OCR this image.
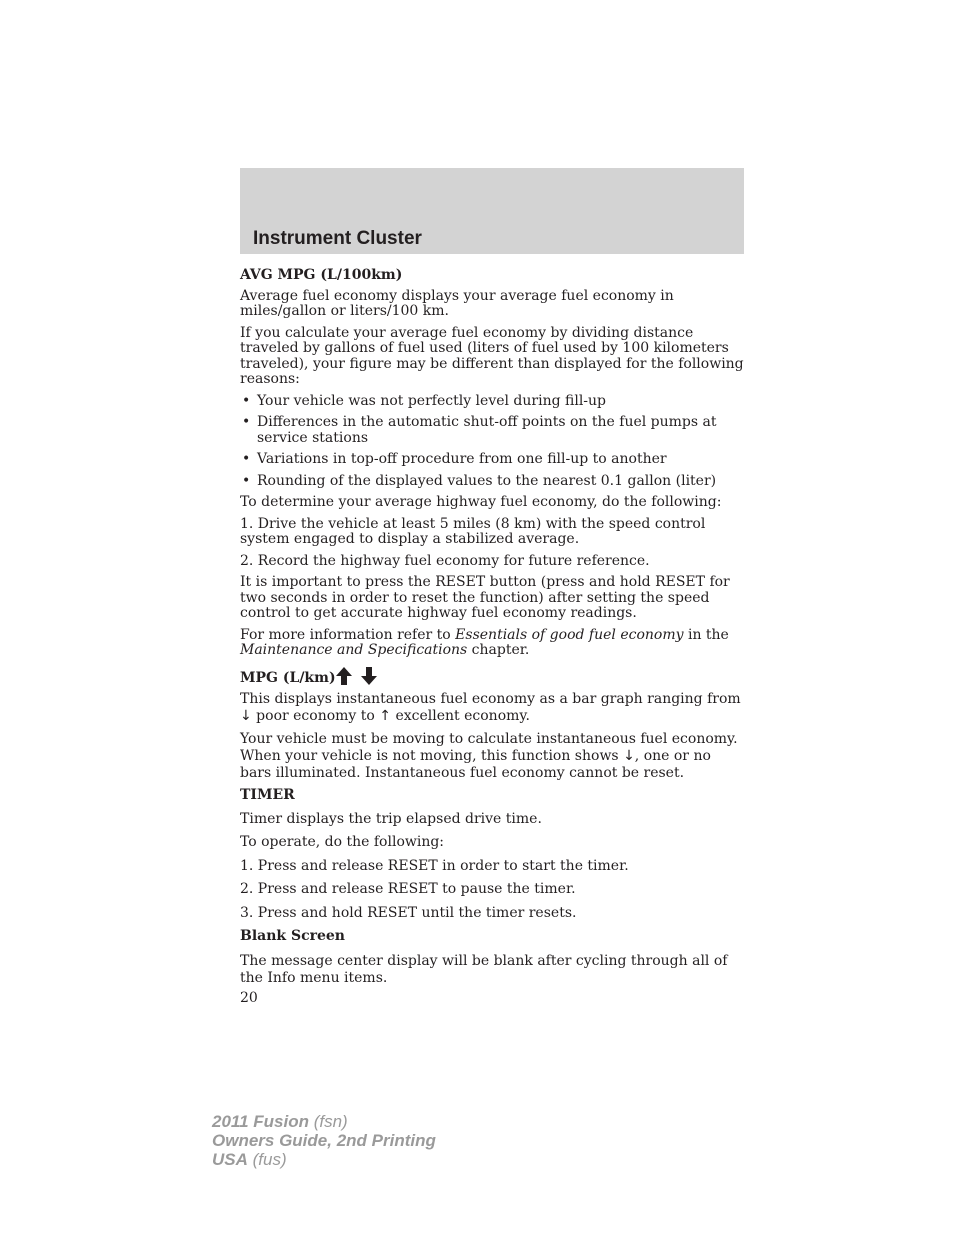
Instrument Cluster
AVG MPG (L/100km)

Average fuel economy displays your average fuel economy in miles/gallon or liters/100 km.

If you calculate your average fuel economy by dividing distance traveled by gallons of fuel used (liters of fuel used by 100 kilometers traveled), your figure may be different than displayed for the following reasons:

• Your vehicle was not perfectly level during fill-up
• Differences in the automatic shut-off points on the fuel pumps at service stations
• Variations in top-off procedure from one fill-up to another
• Rounding of the displayed values to the nearest 0.1 gallon (liter)

To determine your average highway fuel economy, do the following:

1. Drive the vehicle at least 5 miles (8 km) with the speed control system engaged to display a stabilized average.

2. Record the highway fuel economy for future reference.

It is important to press the RESET button (press and hold RESET for two seconds in order to reset the function) after setting the speed control to get accurate highway fuel economy readings.

For more information refer to Essentials of good fuel economy in the Maintenance and Specifications chapter.

MPG (L/km)

This displays instantaneous fuel economy as a bar graph ranging from ↓ poor economy to ↑ excellent economy.

Your vehicle must be moving to calculate instantaneous fuel economy. When your vehicle is not moving, this function shows ↓, one or no bars illuminated. Instantaneous fuel economy cannot be reset.

TIMER

Timer displays the trip elapsed drive time.

To operate, do the following:

1. Press and release RESET in order to start the timer.

2. Press and release RESET to pause the timer.

3. Press and hold RESET until the timer resets.

Blank Screen

The message center display will be blank after cycling through all of the Info menu items.

20

2011 Fusion (fsn)
Owners Guide, 2nd Printing
USA (fus)
